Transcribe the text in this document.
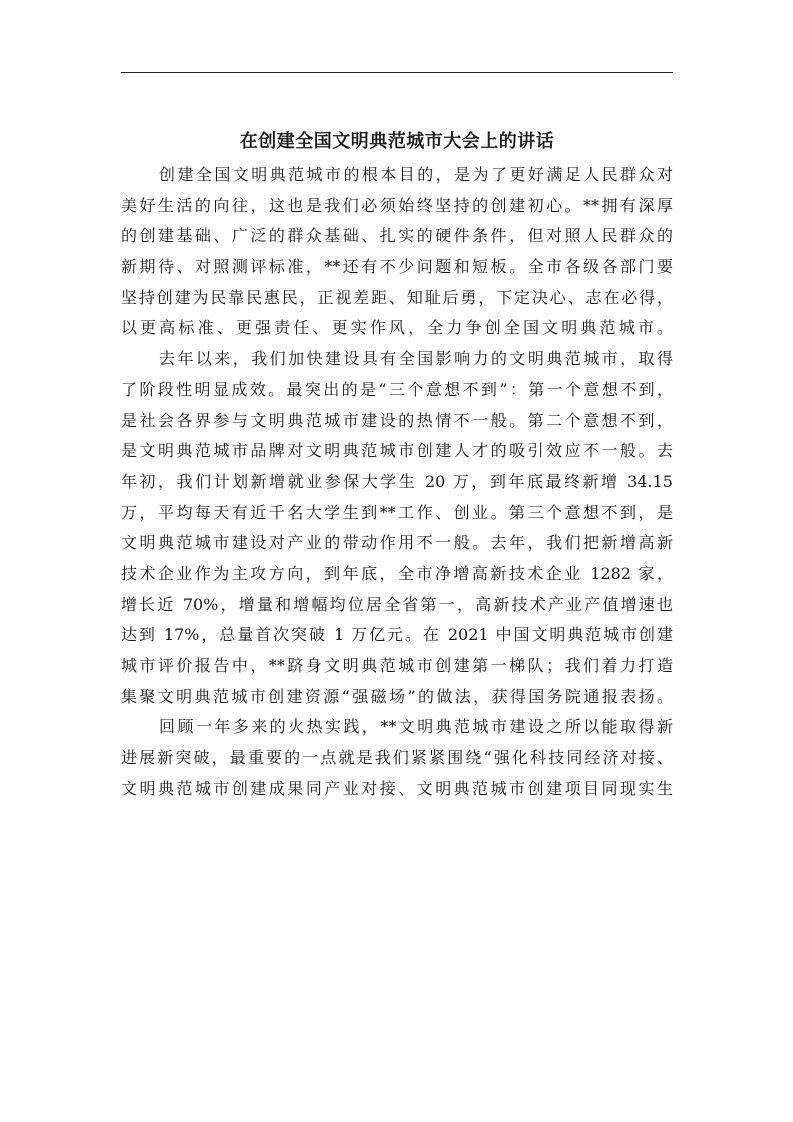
在创建全国文明典范城市大会上的讲话
创建全国文明典范城市的根本目的，是为了更好满足人民群众对
美好生活的向往，这也是我们必须始终坚持的创建初心。**拥有深厚
的创建基础、广泛的群众基础、扎实的硬件条件，但对照人民群众的
新期待、对照测评标准，**还有不少问题和短板。全市各级各部门要
坚持创建为民靠民惠民，正视差距、知耻后勇，下定决心、志在必得，
以更高标准、更强责任、更实作风，全力争创全国文明典范城市。
去年以来，我们加快建设具有全国影响力的文明典范城市，取得
了阶段性明显成效。最突出的是“三个意想不到”：第一个意想不到，
是社会各界参与文明典范城市建设的热情不一般。第二个意想不到，
是文明典范城市品牌对文明典范城市创建人才的吸引效应不一般。去
年初，我们计划新增就业参保大学生 20 万，到年底最终新增 34.15
万，平均每天有近千名大学生到**工作、创业。第三个意想不到，是
文明典范城市建设对产业的带动作用不一般。去年，我们把新增高新
技术企业作为主攻方向，到年底，全市净增高新技术企业 1282 家，
增长近 70%，增量和增幅均位居全省第一，高新技术产业产值增速也
达到 17%，总量首次突破 1 万亿元。在 2021 中国文明典范城市创建
城市评价报告中，**跻身文明典范城市创建第一梯队；我们着力打造
集聚文明典范城市创建资源“强磁场”的做法，获得国务院通报表扬。
回顾一年多来的火热实践，**文明典范城市建设之所以能取得新
进展新突破，最重要的一点就是我们紧紧围绕“强化科技同经济对接、
文明典范城市创建成果同产业对接、文明典范城市创建项目同现实生
